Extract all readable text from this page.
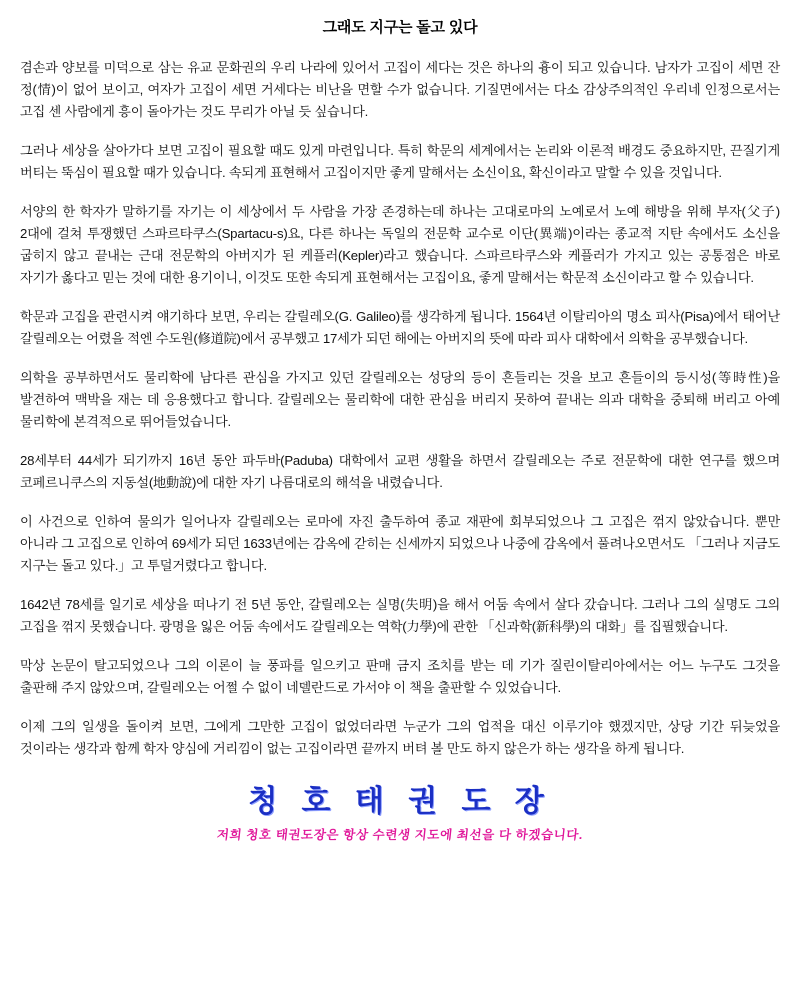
그래도 지구는 돌고 있다

겸손과 양보를 미덕으로 삼는 유교 문화권의 우리 나라에 있어서 고집이 세다는 것은 하나의 흉이 되고 있습니다. 남자가 고집이 세면 잔 정(情)이 없어 보이고, 여자가 고집이 세면 거세다는 비난을 면할 수가 없습니다. 기질면에서는 다소 감상주의적인 우리네 인정으로서는 고집 센 사람에게 흥이 돌아가는 것도 무리가 아닐 듯 싶습니다.

그러나 세상을 살아가다 보면 고집이 필요할 때도 있게 마련입니다. 특히 학문의 세계에서는 논리와 이론적 배경도 중요하지만, 끈질기게 버티는 뚝심이 필요할 때가 있습니다. 속되게 표현해서 고집이지만 좋게 말해서는 소신이요, 확신이라고 말할 수 있을 것입니다.

서양의 한 학자가 말하기를 자기는 이 세상에서 두 사람을 가장 존경하는데 하나는 고대로마의 노예로서 노예 해방을 위해 부자(父子) 2대에 걸쳐 투쟁했던 스파르타쿠스(Spartacu-s)요, 다른 하나는 독일의 전문학 교수로 이단(異端)이라는 종교적 지탄 속에서도 소신을 굽히지 않고 끝내는 근대 전문학의 아버지가 된 케플러(Kepler)라고 했습니다. 스파르타쿠스와 케플러가 가지고 있는 공통점은 바로 자기가 옳다고 믿는 것에 대한 용기이니, 이것도 또한 속되게 표현해서는 고집이요, 좋게 말해서는 학문적 소신이라고 할 수 있습니다.

학문과 고집을 관련시켜 얘기하다 보면, 우리는 갈릴레오(G. Galileo)를 생각하게 됩니다. 1564년 이탈리아의 명소 피사(Pisa)에서 태어난 갈릴레오는 어렸을 적엔 수도원(修道院)에서 공부했고 17세가 되던 해에는 아버지의 뜻에 따라 피사 대학에서 의학을 공부했습니다.

의학을 공부하면서도 물리학에 남다른 관심을 가지고 있던 갈릴레오는 성당의 등이 흔들리는 것을 보고 흔들이의 등시성(等時性)을 발견하여 맥박을 재는 데 응용했다고 합니다. 갈릴레오는 물리학에 대한 관심을 버리지 못하여 끝내는 의과 대학을 중퇴해 버리고 아예 물리학에 본격적으로 뛰어들었습니다.

28세부터 44세가 되기까지 16년 동안 파두바(Paduba) 대학에서 교편 생활을 하면서 갈릴레오는 주로 전문학에 대한 연구를 했으며 코페르니쿠스의 지동설(地動說)에 대한 자기 나름대로의 해석을 내렸습니다.

이 사건으로 인하여 물의가 일어나자 갈릴레오는 로마에 자진 출두하여 종교 재판에 회부되었으나 그 고집은 꺾지 않았습니다. 뿐만 아니라 그 고집으로 인하여 69세가 되던 1633년에는 감옥에 갇히는 신세까지 되었으나 나중에 감옥에서 풀려나오면서도 「그러나 지금도 지구는 돌고 있다.」고 투덜거렸다고 합니다.

1642년 78세를 일기로 세상을 떠나기 전 5년 동안, 갈릴레오는 실명(失明)을 해서 어둠 속에서 살다 갔습니다. 그러나 그의 실명도 그의 고집을 꺾지 못했습니다. 광명을 잃은 어둠 속에서도 갈릴레오는 역학(力學)에 관한 「신과학(新科學)의 대화」를 집필했습니다.

막상 논문이 탈고되었으나 그의 이론이 늘 풍파를 일으키고 판매 금지 조치를 받는 데 기가 질린이탈리아에서는 어느 누구도 그것을 출판해 주지 않았으며, 갈릴레오는 어쩔 수 없이 네델란드로 가서야 이 책을 출판할 수 있었습니다.

이제 그의 일생을 돌이켜 보면, 그에게 그만한 고집이 없었더라면 누군가 그의 업적을 대신 이루기야 했겠지만, 상당 기간 뒤늦었을 것이라는 생각과 함께 학자 양심에 거리낌이 없는 고집이라면 끝까지 버텨 볼 만도 하지 않은가 하는 생각을 하게 됩니다.

청 호 태 권 도 장
저희 청호 태권도장은 항상 수련생 지도에 최선을 다 하겠습니다.
